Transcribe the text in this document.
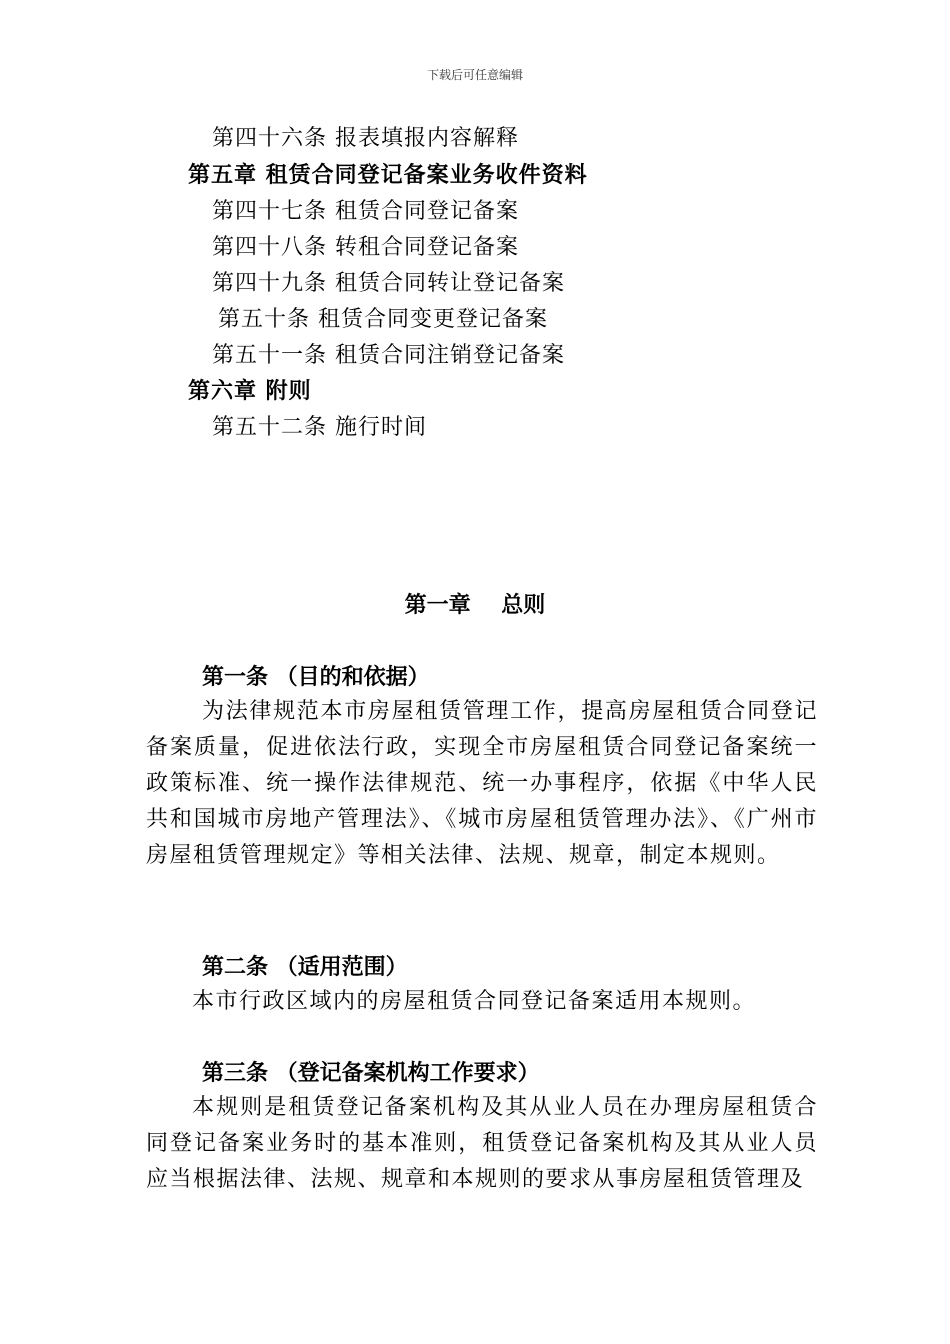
下载后可任意编辑
第四十六条 报表填报内容解释
第五章 租赁合同登记备案业务收件资料
第四十七条 租赁合同登记备案
第四十八条 转租合同登记备案
第四十九条 租赁合同转让登记备案
第五十条 租赁合同变更登记备案
第五十一条 租赁合同注销登记备案
第六章 附则
第五十二条 施行时间
第一章    总则
第一条 （目的和依据）
为法律规范本市房屋租赁管理工作，提高房屋租赁合同登记备案质量，促进依法行政，实现全市房屋租赁合同登记备案统一政策标准、统一操作法律规范、统一办事程序，依据《中华人民共和国城市房地产管理法》、《城市房屋租赁管理办法》、《广州市房屋租赁管理规定》等相关法律、法规、规章，制定本规则。
第二条 （适用范围）
本市行政区域内的房屋租赁合同登记备案适用本规则。
第三条 （登记备案机构工作要求）
本规则是租赁登记备案机构及其从业人员在办理房屋租赁合同登记备案业务时的基本准则，租赁登记备案机构及其从业人员应当根据法律、法规、规章和本规则的要求从事房屋租赁管理及
